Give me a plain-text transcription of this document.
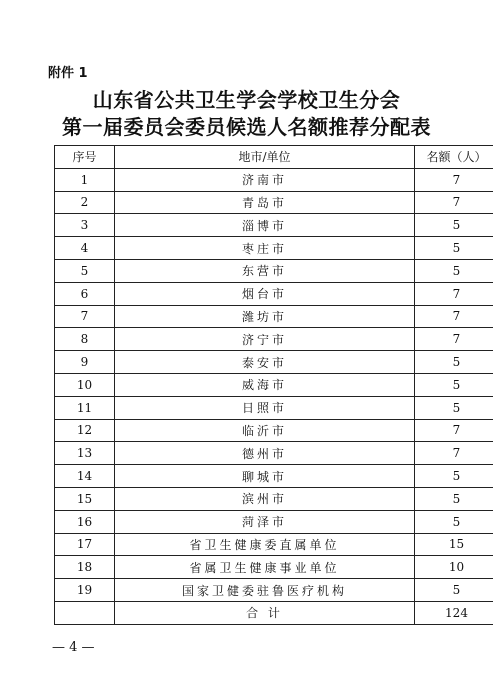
附件 1
山东省公共卫生学会学校卫生分会
第一届委员会委员候选人名额推荐分配表
序号	地市/单位	名额（人）
1	济南市	7
2	青岛市	7
3	淄博市	5
4	枣庄市	5
5	东营市	5
6	烟台市	7
7	潍坊市	7
8	济宁市	7
9	泰安市	5
10	威海市	5
11	日照市	5
12	临沂市	7
13	德州市	7
14	聊城市	5
15	滨州市	5
16	菏泽市	5
17	省卫生健康委直属单位	15
18	省属卫生健康事业单位	10
19	国家卫健委驻鲁医疗机构	5
	合 计	124
— 4 —
